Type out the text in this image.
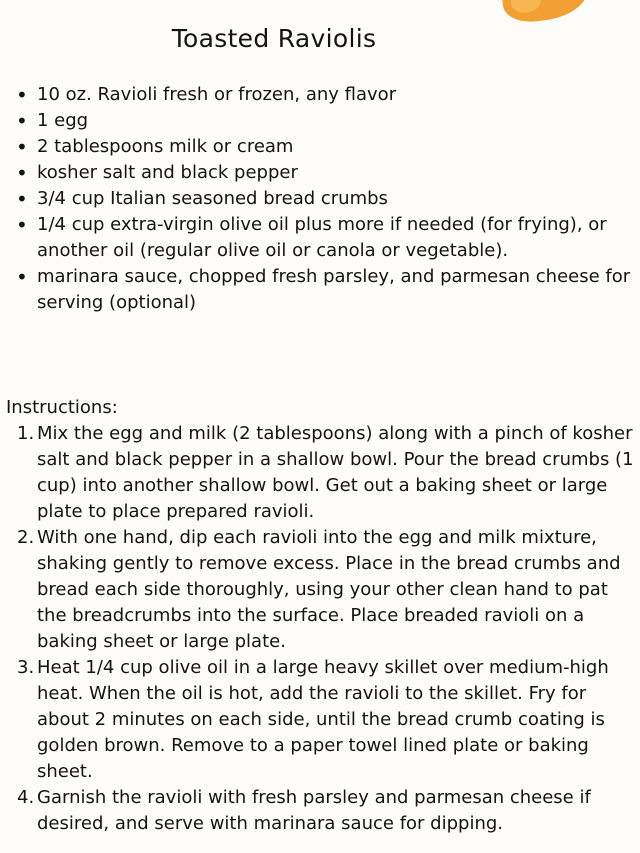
Toasted Raviolis
• 10 oz. Ravioli fresh or frozen, any flavor
• 1 egg
• 2 tablespoons milk or cream
• kosher salt and black pepper
• 3/4 cup Italian seasoned bread crumbs
• 1/4 cup extra-virgin olive oil plus more if needed (for frying), or another oil (regular olive oil or canola or vegetable).
• marinara sauce, chopped fresh parsley, and parmesan cheese for serving (optional)

Instructions:

1. Mix the egg and milk (2 tablespoons) along with a pinch of kosher salt and black pepper in a shallow bowl. Pour the bread crumbs (1 cup) into another shallow bowl. Get out a baking sheet or large plate to place prepared ravioli.
2. With one hand, dip each ravioli into the egg and milk mixture, shaking gently to remove excess. Place in the bread crumbs and bread each side thoroughly, using your other clean hand to pat the breadcrumbs into the surface. Place breaded ravioli on a baking sheet or large plate.
3. Heat 1/4 cup olive oil in a large heavy skillet over medium-high heat. When the oil is hot, add the ravioli to the skillet. Fry for about 2 minutes on each side, until the bread crumb coating is golden brown. Remove to a paper towel lined plate or baking sheet.
4. Garnish the ravioli with fresh parsley and parmesan cheese if desired, and serve with marinara sauce for dipping.
